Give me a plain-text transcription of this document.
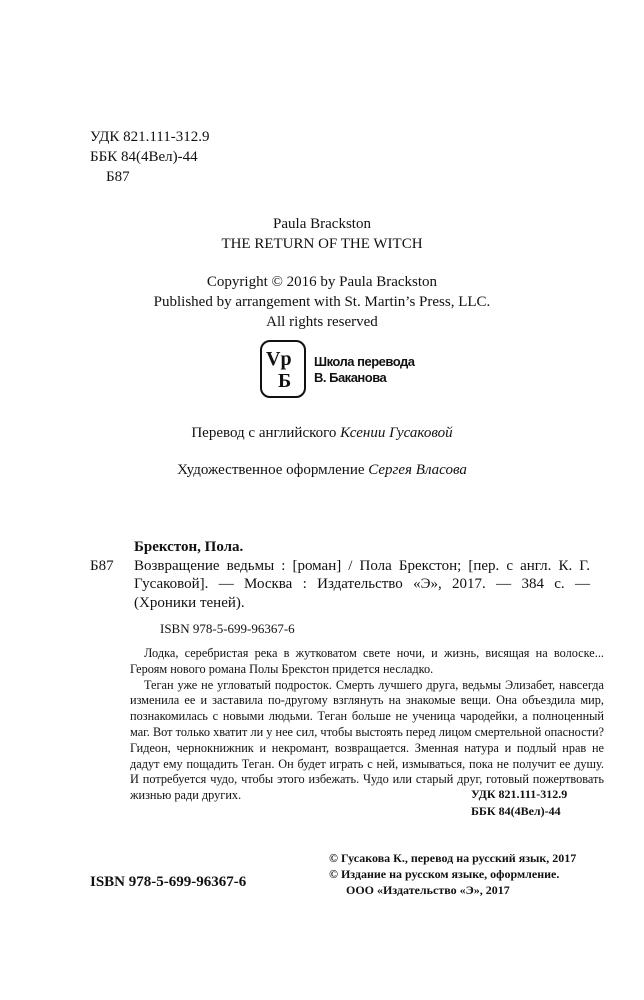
УДК 821.111-312.9
ББК 84(4Вел)-44
Б87
Paula Brackston
THE RETURN OF THE WITCH
Copyright © 2016 by Paula Brackston
Published by arrangement with St. Martin’s Press, LLC.
All rights reserved
Vp
Б
Школа перевода
В. Баканова
Перевод с английского Ксении Гусаковой
Художественное оформление Сергея Власова
Брекстон, Пола.
Б87 Возвращение ведьмы : [роман] / Пола Брекстон; [пер. с англ. К. Г. Гусаковой]. — Москва : Издательство «Э», 2017. — 384 с. — (Хроники теней).
ISBN 978-5-699-96367-6

Лодка, серебристая река в жутковатом свете ночи, и жизнь, висящая на волоске... Героям нового романа Полы Брекстон придется несладко.

Теган уже не угловатый подросток. Смерть лучшего друга, ведьмы Элизабет, навсегда изменила ее и заставила по-другому взглянуть на знакомые вещи. Она объездила мир, познакомилась с новыми людьми. Теган больше не ученица чародейки, а полноценный маг. Вот только хватит ли у нее сил, чтобы выстоять перед лицом смертельной опасности? Гидеон, чернокнижник и некромант, возвращается. Зменная натура и подлый нрав не дадут ему пощадить Теган. Он будет играть с ней, измываться, пока не получит ее душу. И потребуется чудо, чтобы этого избежать. Чудо или старый друг, готовый пожертвовать жизнью ради других.	УДК 821.111-312.9
ББК 84(4Вел)-44
© Гусакова К., перевод на русский язык, 2017
© Издание на русском языке, оформление.
ООО «Издательство «Э», 2017
ISBN 978-5-699-96367-6
